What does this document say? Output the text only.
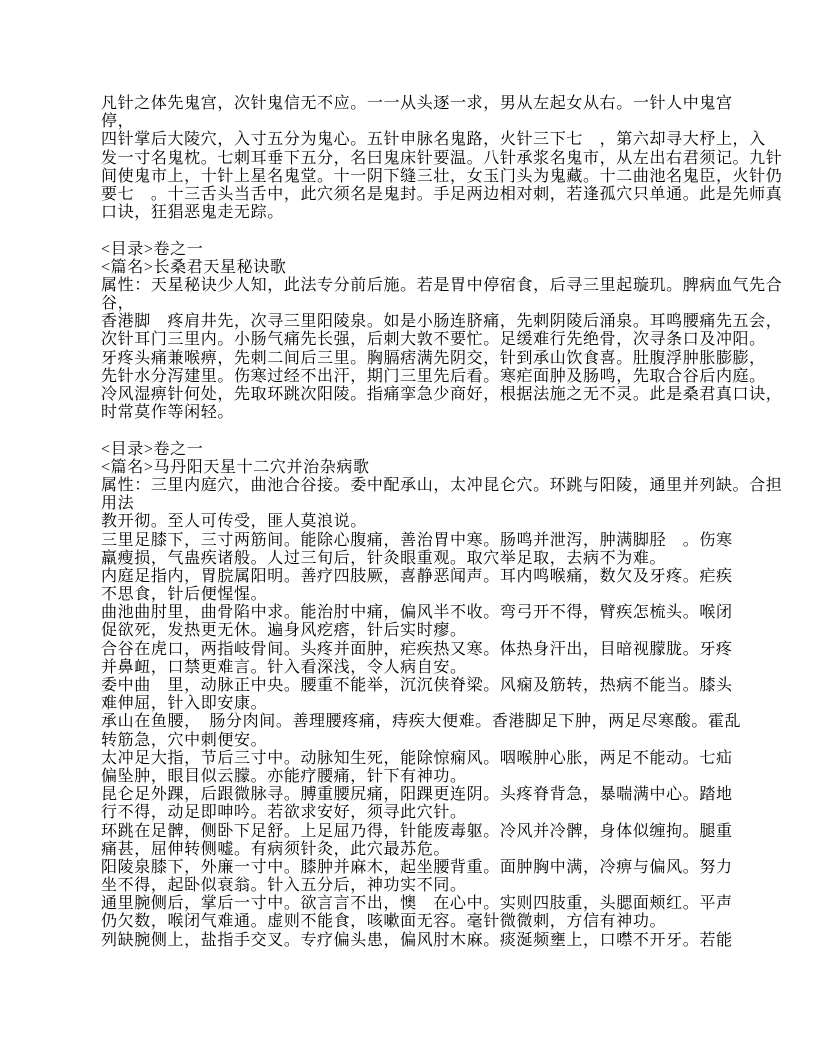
凡针之体先鬼宫，次针鬼信无不应。一一从头逐一求，男从左起女从右。一针人中鬼宫
停，
四针掌后大陵穴，入寸五分为鬼心。五针申脉名鬼路，火针三下七　，第六却寻大杼上，入
发一寸名鬼枕。七刺耳垂下五分，名曰鬼床针要温。八针承浆名鬼市，从左出右君须记。九针
间使鬼市上，十针上星名鬼堂。十一阴下缝三壮，女玉门头为鬼藏。十二曲池名鬼臣，火针仍
要七　。十三舌头当舌中，此穴须名是鬼封。手足两边相对刺，若逢孤穴只单通。此是先师真
口诀，狂猖恶鬼走无踪。
<目录>卷之一
<篇名>长桑君天星秘诀歌
属性：天星秘诀少人知，此法专分前后施。若是胃中停宿食，后寻三里起璇玑。脾病血气先合
谷，
香港脚　疼肩井先，次寻三里阳陵泉。如是小肠连脐痛，先刺阴陵后涌泉。耳鸣腰痛先五会，
次针耳门三里内。小肠气痛先长强，后刺大敦不要忙。足缓难行先绝骨，次寻条口及冲阳。
牙疼头痛兼喉痹，先刺二间后三里。胸膈痞满先阴交，针到承山饮食喜。肚腹浮肿胀膨膨，
先针水分泻建里。伤寒过经不出汗，期门三里先后看。寒疟面肿及肠鸣，先取合谷后内庭。
冷风湿痹针何处，先取环跳次阳陵。指痛挛急少商好，根据法施之无不灵。此是桑君真口诀，
时常莫作等闲轻。
<目录>卷之一
<篇名>马丹阳天星十二穴并治杂病歌
属性：三里内庭穴，曲池合谷接。委中配承山，太冲昆仑穴。环跳与阳陵，通里并列缺。合担
用法
教开彻。至人可传受，匪人莫浪说。
三里足膝下，三寸两筋间。能除心腹痛，善治胃中寒。肠鸣并泄泻，肿满脚胫　。伤寒
羸瘦损，气蛊疾诸般。人过三旬后，针灸眼重观。取穴举足取，去病不为难。
内庭足指内，胃脘属阳明。善疗四肢厥，喜静恶闻声。耳内鸣喉痛，数欠及牙疼。疟疾
不思食，针后便惺惺。
曲池曲肘里，曲骨陷中求。能治肘中痛，偏风半不收。弯弓开不得，臂疾怎梳头。喉闭
促欲死，发热更无休。遍身风疙瘩，针后实时瘳。
合谷在虎口，两指岐骨间。头疼并面肿，疟疾热又寒。体热身汗出，目暗视朦胧。牙疼
并鼻衄，口禁更难言。针入看深浅，令人病自安。
委中曲　里，动脉正中央。腰重不能举，沉沉侠脊梁。风痫及筋转，热病不能当。膝头
难伸屈，针入即安康。
承山在鱼腰，　肠分肉间。善理腰疼痛，痔疾大便难。香港脚足下肿，两足尽寒酸。霍乱
转筋急，穴中刺便安。
太冲足大指，节后三寸中。动脉知生死，能除惊痫风。咽喉肿心胀，两足不能动。七疝
偏坠肿，眼目似云朦。亦能疗腰痛，针下有神功。
昆仑足外踝，后跟微脉寻。膊重腰尻痛，阳踝更连阴。头疼脊背急，暴喘满中心。踏地
行不得，动足即呻吟。若欲求安好，须寻此穴针。
环跳在足髀，侧卧下足舒。上足屈乃得，针能废毒躯。冷风并冷髀，身体似缠拘。腿重
痛甚，屈伸转侧嘘。有病须针灸，此穴最苏危。
阳陵泉膝下，外廉一寸中。膝肿并麻木，起坐腰背重。面肿胸中满，冷痹与偏风。努力
坐不得，起卧似衰翁。针入五分后，神功实不同。
通里腕侧后，掌后一寸中。欲言言不出，懊　在心中。实则四肢重，头腮面颊红。平声
仍欠数，喉闭气难通。虚则不能食，咳嗽面无容。毫针微微刺，方信有神功。
列缺腕侧上，盐指手交叉。专疗偏头患，偏风肘木麻。痰涎频壅上，口噤不开牙。若能
